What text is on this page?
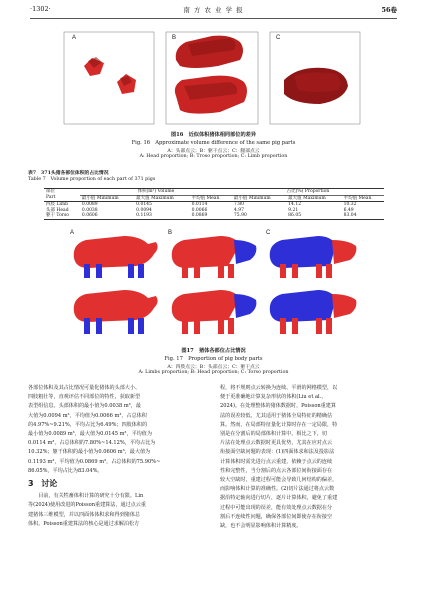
·1302·	南 方 农 业 学 报	56卷
A	B	C
图16　近似体积猪体相同部位的差异
Fig. 16　Approximate volume difference of the same pig parts
A：头部点云；B：躯干点云；C：腿部点云
A: Head proportion; B: Troso proportion; C: Limb proportion
表7　371头猪各部位体积的占比情况
Table 7　Volume proportion of each part of 371 pigs
部位	体积(m³) Volume			占比(%) Proportion		
Part	最小值 Minimum	最大值 Maximum	平均值 Mean	最小值 Minimum	最大值 Maximum	平均值 Mean
四肢 Limb	0.0089	0.0145	0.0114	7.80	14.12	10.32
头部 Head	0.0038	0.0094	0.0066	4.97	9.21	6.49
躯干 Torso	0.0606	0.1193	0.0869	75.90	86.05	83.04
A	B	C
图17　猪体各部位占比情况
Fig. 17　Proportion of pig body parts
A：四肢点云；B：头部点云；C：躯干点云
A: Limbs proportion; B: Head proportion; C: Torso proportion
各部位体积及其占比情况可量化猪体的头部大小、
四肢粗壮等，直观评估不同部位的特性，获取新型
表型组信息。头部体积的最小值为0.0038 m³，最
大值为0.0094 m³，平均值为0.0066 m³，占总体积
的4.97%~9.21%，平均占比为6.49%；四肢体积的
最小值为0.0089 m³，最大值为0.0145 m³，平均值为
0.0114 m³，占总体积的7.80%~14.12%，平均占比为
10.32%；躯干体积的最小值为0.0606 m³，最大值为
0.1193 m³，平均值为0.0869 m³，占总体积的75.90%~
86.05%，平均占比为83.04%。
3 讨论
　　目前，有关牲畜体积计算的研究十分有限。Lin
等(2024)使用改进的Poisson重建算法，通过点云重
建猪体三维模型，并以四面体体积求和得到猪体总
体积。Poisson重建算法的核心是通过求解泊松方
程，将不规则点云转换为连续、平滑的网格模型，以
便于更准确地计算复杂形状的体积(Liu et al.，
2024)。在处理整体的猪体数据时，Poisson重建算
法的误差较低，尤其适用于猪体全局特征的精确估
算。然而，在局部特征量化计算时存在一定局限，特
别是在分割后的局部体积计算中。相比之下，切
片法在处理点云数据时更具优势，尤其在应对点云
衔接面空缺问题的表现：(1)四面体求和法及投影法
计算体积时需先进行点云重建，依赖于点云的连续
性和完整性，当分割后的点云各部位间衔接面存在
较大空缺时，重建过程可能会导致几何结构的偏差，
而影响体积计算的准确性。(2)切片法通过将点云数
据沿特定轴向进行切片，逐片计算体积，避免了重建
过程中可能出现的误差，能有效处理点云数据在分
割后不连续性问题，确保各部位间即使存在衔接空
缺，也不会明显影响体积计算精度。
